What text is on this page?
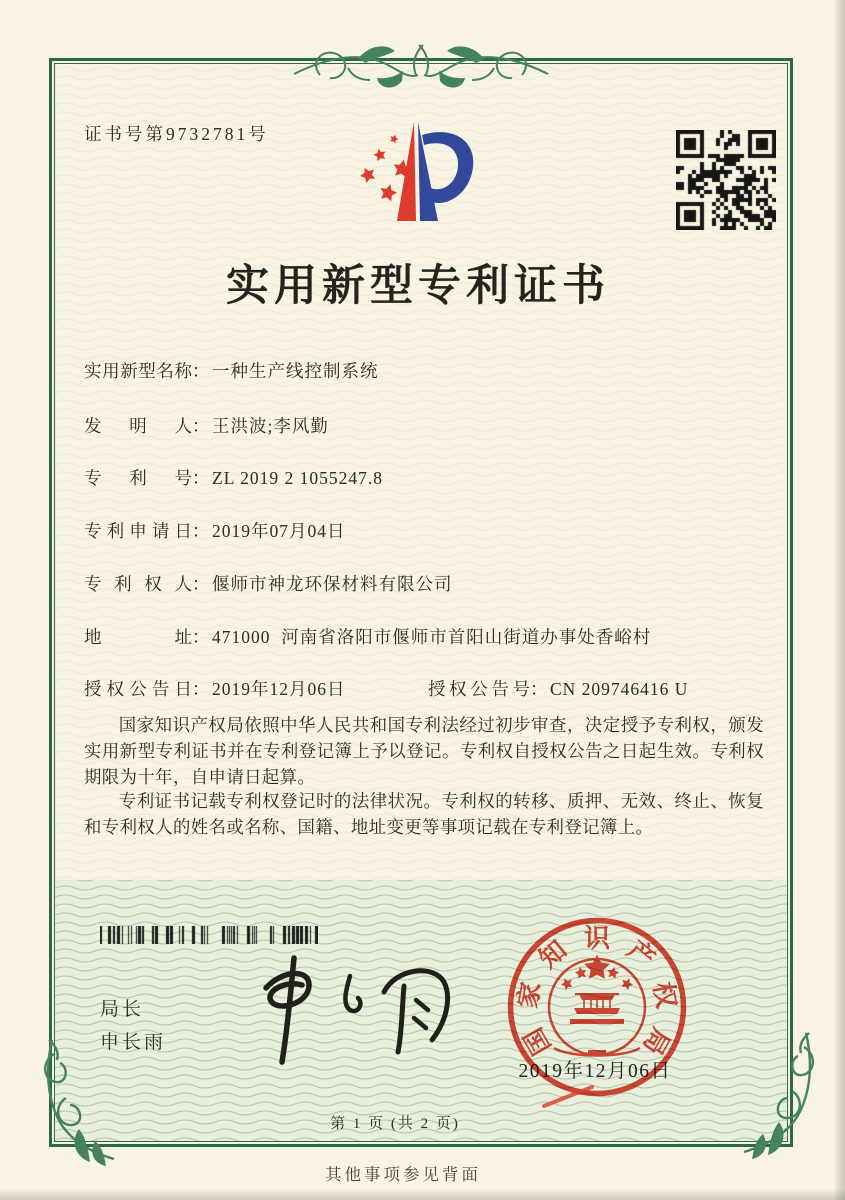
证书号第9732781号
实用新型专利证书
实用新型名称： 一种生产线控制系统
发明人： 王洪波;李风勤
专利号： ZL 2019 2 1055247.8
专利申请日： 2019年07月04日
专利权人： 偃师市神龙环保材料有限公司
地址： 471000  河南省洛阳市偃师市首阳山街道办事处香峪村
授权公告日： 2019年12月06日	授权公告号： CN 209746416 U
国家知识产权局依照中华人民共和国专利法经过初步审查，决定授予专利权，颁发实用新型专利证书并在专利登记簿上予以登记。专利权自授权公告之日起生效。专利权期限为十年，自申请日起算。
专利证书记载专利权登记时的法律状况。专利权的转移、质押、无效、终止、恢复和专利权人的姓名或名称、国籍、地址变更等事项记载在专利登记簿上。
局长
申长雨
2019年12月06日
第 1 页 (共 2 页)
其他事项参见背面
国
家
知 识 产
权
局
